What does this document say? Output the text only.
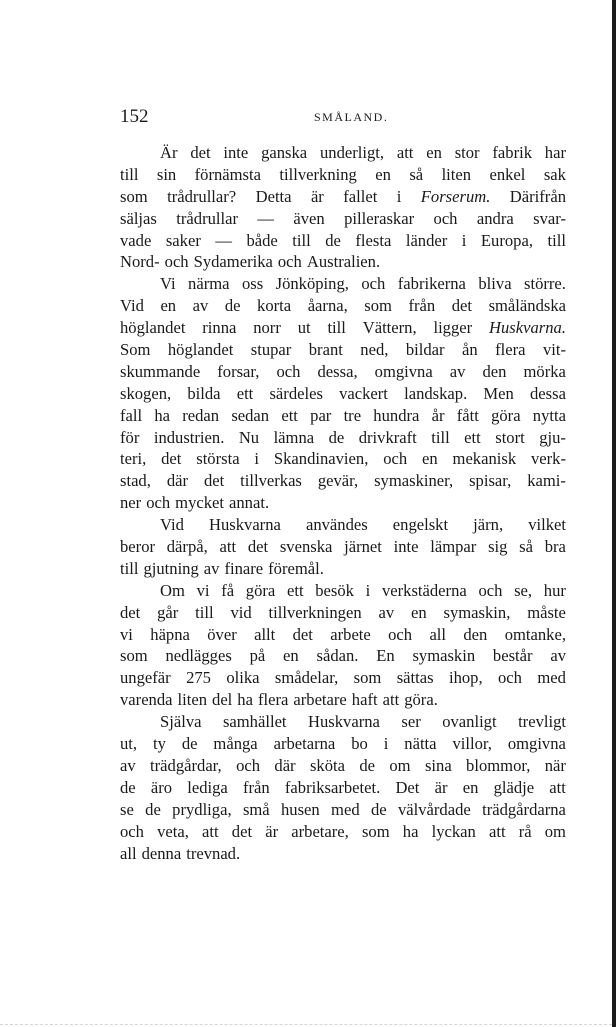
152	SMÅLAND.
Är det inte ganska underligt, att en stor fabrik har
till sin förnämsta tillverkning en så liten enkel sak
som trådrullar? Detta är fallet i Forserum. Därifrån
säljas trådrullar — även pilleraskar och andra svar-
vade saker — både till de flesta länder i Europa, till
Nord- och Sydamerika och Australien.
Vi närma oss Jönköping, och fabrikerna bliva större.
Vid en av de korta åarna, som från det småländska
höglandet rinna norr ut till Vättern, ligger Huskvarna.
Som höglandet stupar brant ned, bildar ån flera vit-
skummande forsar, och dessa, omgivna av den mörka
skogen, bilda ett särdeles vackert landskap. Men dessa
fall ha redan sedan ett par tre hundra år fått göra nytta
för industrien. Nu lämna de drivkraft till ett stort gju-
teri, det största i Skandinavien, och en mekanisk verk-
stad, där det tillverkas gevär, symaskiner, spisar, kami-
ner och mycket annat.
Vid Huskvarna användes engelskt järn, vilket
beror därpå, att det svenska järnet inte lämpar sig så bra
till gjutning av finare föremål.
Om vi få göra ett besök i verkstäderna och se, hur
det går till vid tillverkningen av en symaskin, måste
vi häpna över allt det arbete och all den omtanke,
som nedlägges på en sådan. En symaskin består av
ungefär 275 olika smådelar, som sättas ihop, och med
varenda liten del ha flera arbetare haft att göra.
Själva samhället Huskvarna ser ovanligt trevligt
ut, ty de många arbetarna bo i nätta villor, omgivna
av trädgårdar, och där sköta de om sina blommor, när
de äro lediga från fabriksarbetet. Det är en glädje att
se de prydliga, små husen med de välvårdade trädgårdarna
och veta, att det är arbetare, som ha lyckan att rå om
all denna trevnad.
